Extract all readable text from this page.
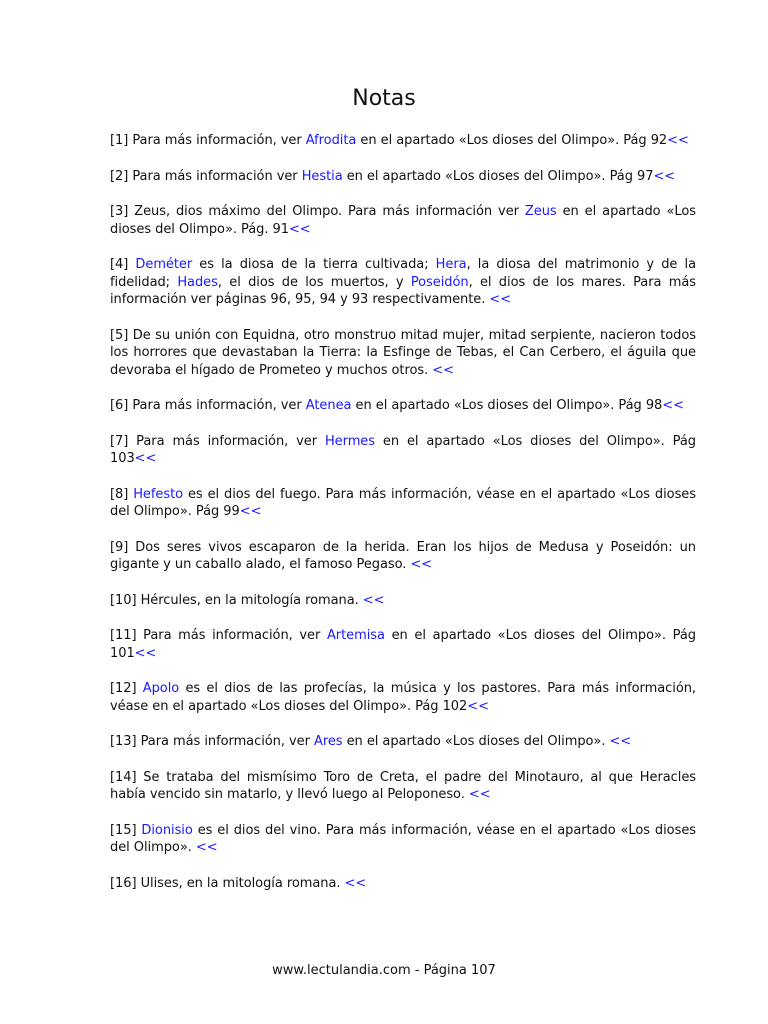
Notas

[1] Para más información, ver Afrodita en el apartado «Los dioses del Olimpo». Pág 92<<

[2] Para más información ver Hestia en el apartado «Los dioses del Olimpo». Pág 97<<

[3] Zeus, dios máximo del Olimpo. Para más información ver Zeus en el apartado «Los dioses del Olimpo». Pág. 91<<

[4] Deméter es la diosa de la tierra cultivada; Hera, la diosa del matrimonio y de la fidelidad; Hades, el dios de los muertos, y Poseidón, el dios de los mares. Para más información ver páginas 96, 95, 94 y 93 respectivamente. <<

[5] De su unión con Equidna, otro monstruo mitad mujer, mitad serpiente, nacieron todos los horrores que devastaban la Tierra: la Esfinge de Tebas, el Can Cerbero, el águila que devoraba el hígado de Prometeo y muchos otros. <<

[6] Para más información, ver Atenea en el apartado «Los dioses del Olimpo». Pág 98<<

[7] Para más información, ver Hermes en el apartado «Los dioses del Olimpo». Pág 103<<

[8] Hefesto es el dios del fuego. Para más información, véase en el apartado «Los dioses del Olimpo». Pág 99<<

[9] Dos seres vivos escaparon de la herida. Eran los hijos de Medusa y Poseidón: un gigante y un caballo alado, el famoso Pegaso. <<

[10] Hércules, en la mitología romana. <<

[11] Para más información, ver Artemisa en el apartado «Los dioses del Olimpo». Pág 101<<

[12] Apolo es el dios de las profecías, la música y los pastores. Para más información, véase en el apartado «Los dioses del Olimpo». Pág 102<<

[13] Para más información, ver Ares en el apartado «Los dioses del Olimpo». <<

[14] Se trataba del mismísimo Toro de Creta, el padre del Minotauro, al que Heracles había vencido sin matarlo, y llevó luego al Peloponeso. <<

[15] Dionisio es el dios del vino. Para más información, véase en el apartado «Los dioses del Olimpo». <<

[16] Ulises, en la mitología romana. <<

www.lectulandia.com - Página 107
